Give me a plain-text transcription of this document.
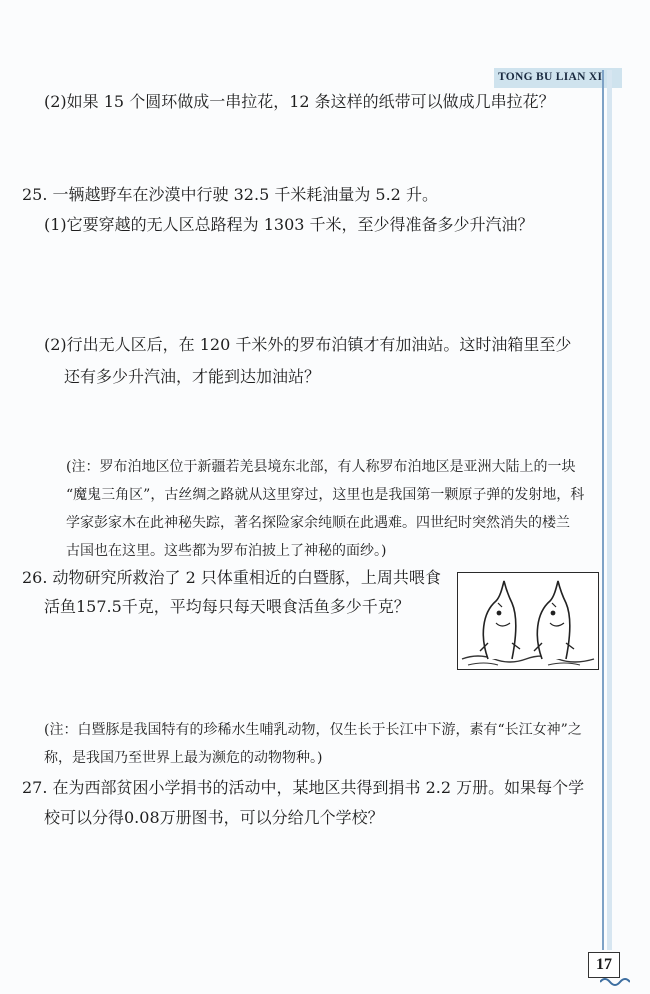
TONG BU LIAN XI
(2)如果 15 个圆环做成一串拉花，12 条这样的纸带可以做成几串拉花？
25. 一辆越野车在沙漠中行驶 32.5 千米耗油量为 5.2 升。
(1)它要穿越的无人区总路程为 1303 千米，至少得准备多少升汽油？
(2)行出无人区后，在 120 千米外的罗布泊镇才有加油站。这时油箱里至少
还有多少升汽油，才能到达加油站？
(注：罗布泊地区位于新疆若羌县境东北部，有人称罗布泊地区是亚洲大陆上的一块
“魔鬼三角区”，古丝绸之路就从这里穿过，这里也是我国第一颗原子弹的发射地，科
学家彭家木在此神秘失踪，著名探险家余纯顺在此遇难。四世纪时突然消失的楼兰
古国也在这里。这些都为罗布泊披上了神秘的面纱。)
26. 动物研究所救治了 2 只体重相近的白暨豚，上周共喂食
活鱼157.5千克，平均每只每天喂食活鱼多少千克？
(注：白暨豚是我国特有的珍稀水生哺乳动物，仅生长于长江中下游，素有“长江女神”之
称，是我国乃至世界上最为濒危的动物物种。)
27. 在为西部贫困小学捐书的活动中，某地区共得到捐书 2.2 万册。如果每个学
校可以分得0.08万册图书，可以分给几个学校？
17
